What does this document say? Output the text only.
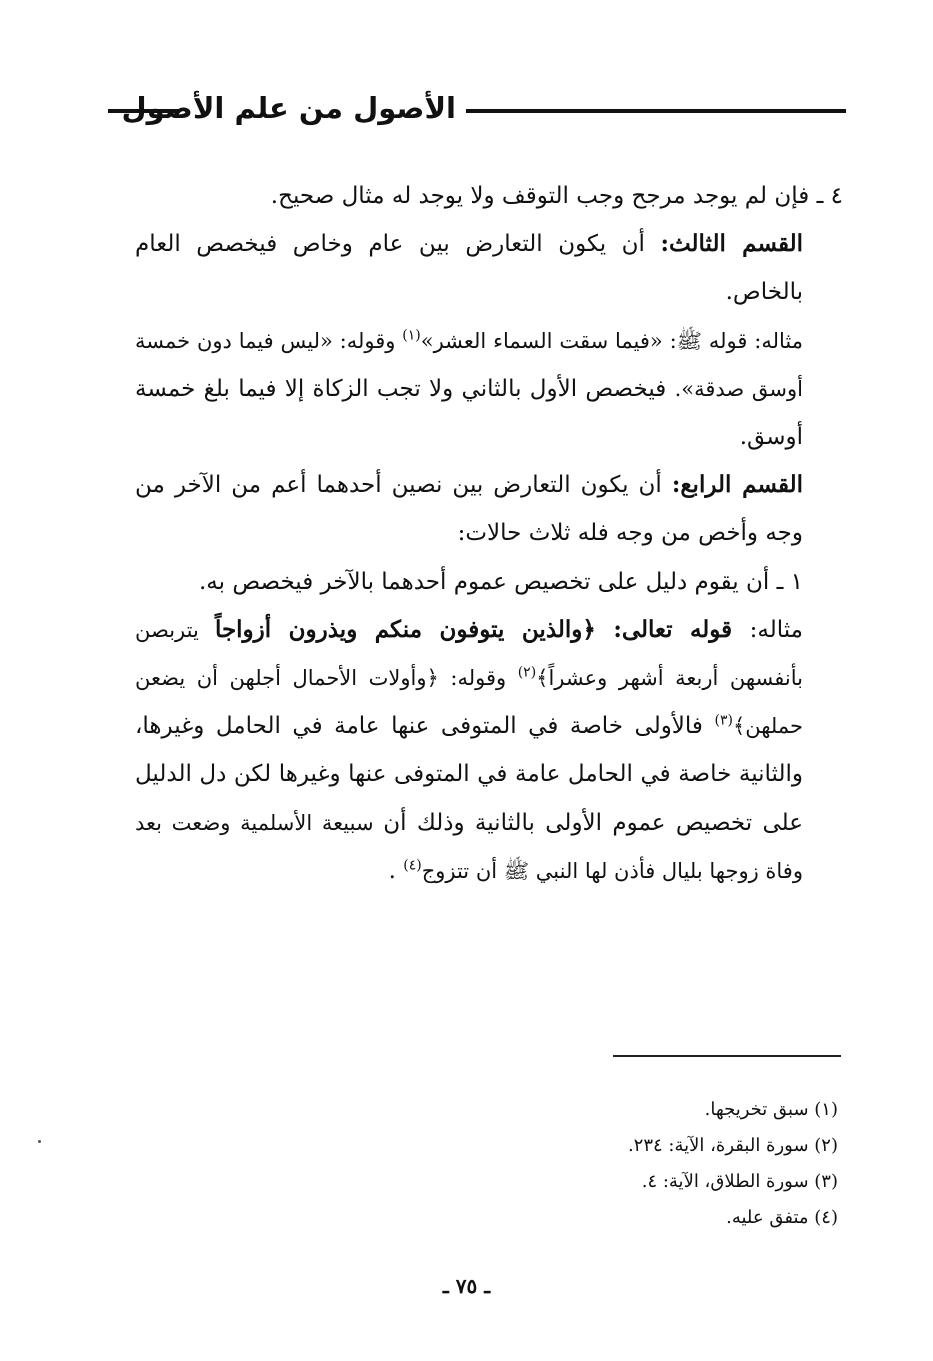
الأصول من علم الأصول

٤ ـ فإن لم يوجد مرجح وجب التوقف ولا يوجد له مثال صحيح.

القسم الثالث: أن يكون التعارض بين عام وخاص فيخصص العام بالخاص.

مثاله: قوله ﷺ: «فيما سقت السماء العشر»$^{(١)}$ وقوله: «ليس فيما دون خمسة أوسق صدقة». فيخصص الأول بالثاني ولا تجب الزكاة إلا فيما بلغ خمسة أوسق.

القسم الرابع: أن يكون التعارض بين نصين أحدهما أعم من الآخر من وجه وأخص من وجه فله ثلاث حالات:

١ ـ أن يقوم دليل على تخصيص عموم أحدهما بالآخر فيخصص به.

مثاله: قوله تعالى: ﴿والذين يتوفون منكم ويذرون أزواجاً يتربصن بأنفسهن أربعة أشهر وعشراً﴾$^{(٢)}$ وقوله: ﴿وأولات الأحمال أجلهن أن يضعن حملهن﴾$^{(٣)}$ فالأولى خاصة في المتوفى عنها عامة في الحامل وغيرها، والثانية خاصة في الحامل عامة في المتوفى عنها وغيرها لكن دل الدليل على تخصيص عموم الأولى بالثانية وذلك أن سبيعة الأسلمية وضعت بعد وفاة زوجها بليال فأذن لها النبي ﷺ أن تتزوج$^{(٤)}$ .

(١) سبق تخريجها.

(٢) سورة البقرة، الآية: ٢٣٤.

(٣) سورة الطلاق، الآية: ٤.

(٤) متفق عليه.

ـ ٧٥ ـ
